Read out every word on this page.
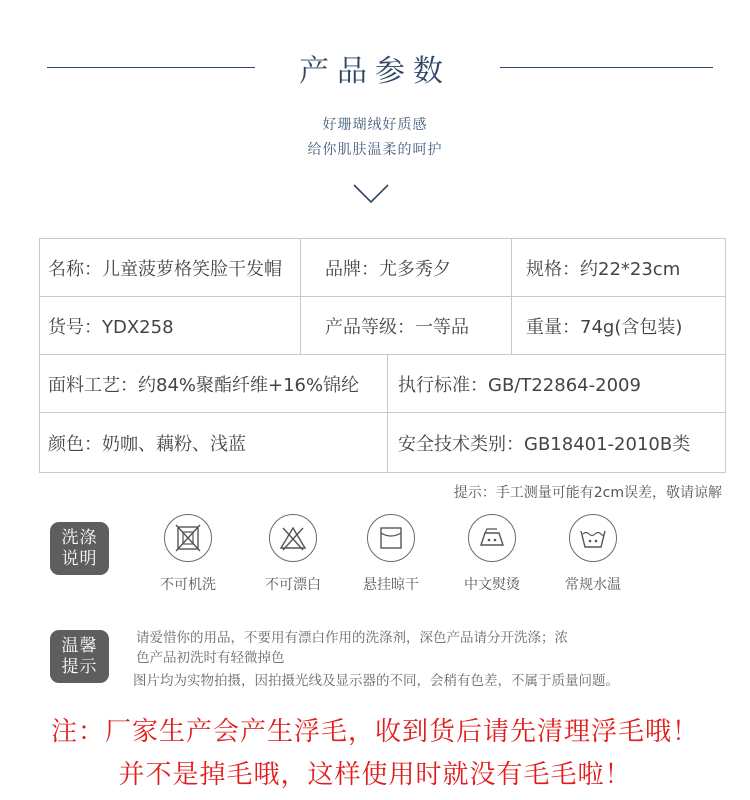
产品参数
好珊瑚绒好质感
给你肌肤温柔的呵护
名称：儿童菠萝格笑脸干发帽	品牌：尤多秀夕		规格：约22*23cm
货号：YDX258	产品等级：一等品		重量：74g(含包装)
面料工艺：约84%聚酯纤维+16%锦纶		执行标准：GB/T22864-2009	
颜色：奶咖、藕粉、浅蓝		安全技术类别：GB18401-2010B类	
提示：手工测量可能有2cm误差，敬请谅解
洗涤
说明
不可机洗	不可漂白	悬挂晾干	中文熨烫	常规水温
温馨
提示
请爱惜你的用品，不要用有漂白作用的洗涤剂，深色产品请分开洗涤；浓
色产品初洗时有轻微掉色
图片均为实物拍摄，因拍摄光线及显示器的不同，会稍有色差，不属于质量问题。
注：厂家生产会产生浮毛，收到货后请先清理浮毛哦！
并不是掉毛哦，这样使用时就没有毛毛啦！
